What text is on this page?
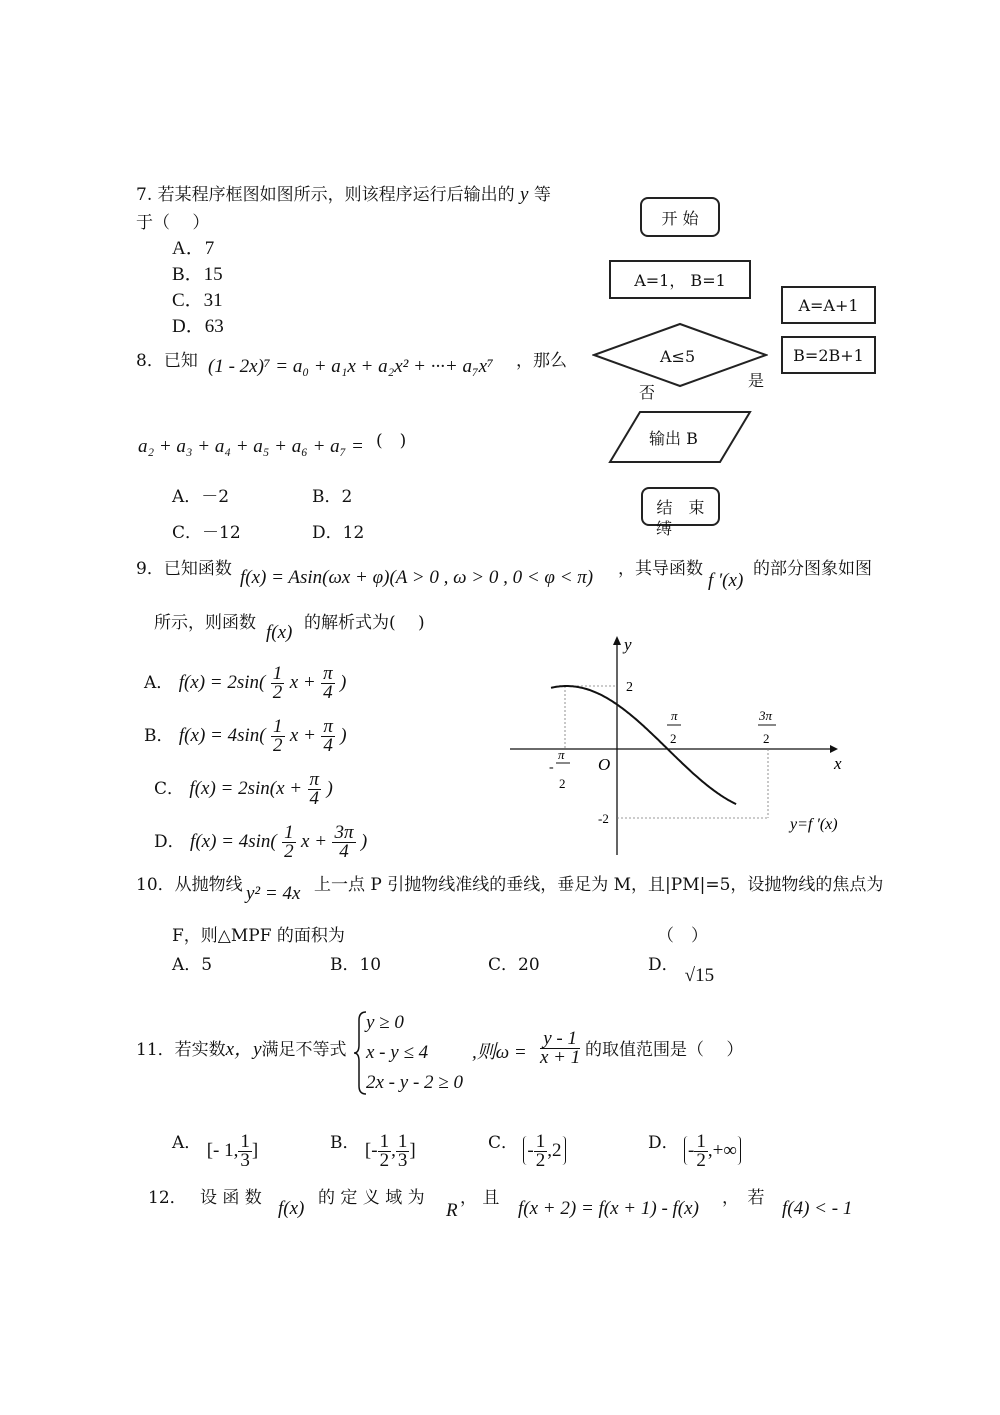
7. 若某程序框图如图所示，则该程序运行后输出的 y 等
于（　 ）
A．7
B．15
C．31
D．63
开 始
A=1， B=1
A=A+1
B=2B+1
A≤5
否
是
输出 B
结　束
缚
8．已知 (1 - 2x)⁷ = a₀ + a₁x + a₂x² + ···+ a₇x⁷ ，那么
a₂ + a₃ + a₄ + a₅ + a₆ + a₇ = (　)
A．－2	B．2
C．－12	D．12
9．已知函数 f(x) = Asin(ωx + φ)(A > 0 , ω > 0 , 0 < φ < π) ，其导函数
f ′(x)
的部分图象如图
所示，则函数 f(x) 的解析式为(　 )
A． $f(x) = 2\sin( \frac{1}{2}$ $x + \frac{\pi}{4}$ )
B． $f(x) = 4\sin( \frac{1}{2}$ $x + \frac{\pi}{4}$ )
C． $f(x) = 2\sin(x + \frac{\pi}{4}$ )
D． $f(x) = 4\sin( \frac{1}{2}$ $x + \frac{3\pi}{4}$ )
y
x
O
2
-2
π
-
2
π
2
3π
2
y=f ′(x)
10．从抛物线 y² = 4x 上一点 P 引抛物线准线的垂线，垂足为 M，且|PM|=5，设抛物线的焦点为
F，则△MPF 的面积为	（　）
A．5	B．10	C．20	D． √15
11．若实数x，y满足不等式
y ≥ 0
x - y ≤ 4
2x - y - 2 ≥ 0
,则$\omega = \frac{y - 1}{x + 1}$ 的取值范围是（　 ）
A． [- 1, $\frac{1}{3}$ ]	B． [- $\frac{1}{2}$ , $\frac{1}{3}$ ]	C． - $\frac{1}{2} ,2$	D． - $\frac{1}{2}$ ,+∞
12． 设 函 数 f(x) 的 定 义 域 为
R
， 且 f(x + 2) = f(x + 1) - f(x) ，　若 f(4) < - 1
